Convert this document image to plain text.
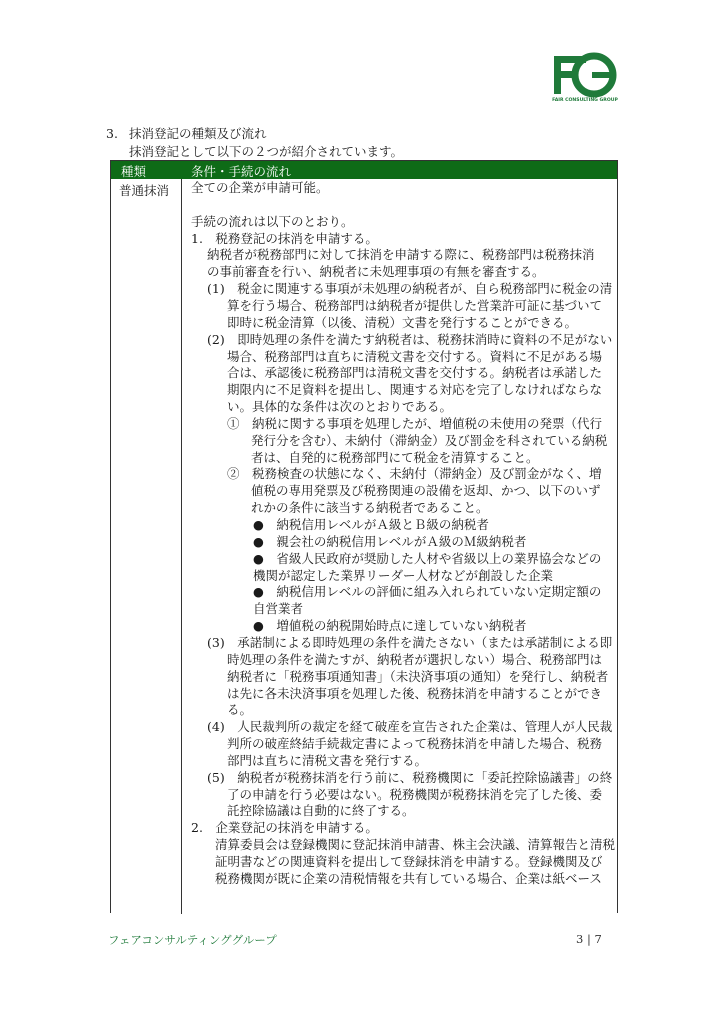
FAIR CONSULTING GROUP
3. 抹消登記の種類及び流れ
抹消登記として以下の２つが紹介されています。
種類	条件・手続の流れ
普通抹消 全ての企業が申請可能。
手続の流れは以下のとおり。
1.　税務登記の抹消を申請する。
納税者が税務部門に対して抹消を申請する際に、税務部門は税務抹消
の事前審査を行い、納税者に未処理事項の有無を審査する。
(1)　税金に関連する事項が未処理の納税者が、自ら税務部門に税金の清
算を行う場合、税務部門は納税者が提供した営業許可証に基づいて
即時に税金清算（以後、清税）文書を発行することができる。
(2)　即時処理の条件を満たす納税者は、税務抹消時に資料の不足がない
場合、税務部門は直ちに清税文書を交付する。資料に不足がある場
合は、承認後に税務部門は清税文書を交付する。納税者は承諾した
期限内に不足資料を提出し、関連する対応を完了しなければならな
い。具体的な条件は次のとおりである。
①　納税に関する事項を処理したが、増値税の未使用の発票（代行
発行分を含む）、未納付（滞納金）及び罰金を科されている納税
者は、自発的に税務部門にて税金を清算すること。
②　税務検査の状態になく、未納付（滞納金）及び罰金がなく、増
値税の専用発票及び税務関連の設備を返却、かつ、以下のいず
れかの条件に該当する納税者であること。
●　納税信用レベルがＡ級とＢ級の納税者
●　親会社の納税信用レベルがＡ級のＭ級納税者
●　省級人民政府が奨励した人材や省級以上の業界協会などの
機関が認定した業界リーダー人材などが創設した企業
●　納税信用レベルの評価に組み入れられていない定期定額の
自営業者
●　増値税の納税開始時点に達していない納税者
(3)　承諾制による即時処理の条件を満たさない（または承諾制による即
時処理の条件を満たすが、納税者が選択しない）場合、税務部門は
納税者に「税務事項通知書」（未決済事項の通知）を発行し、納税者
は先に各未決済事項を処理した後、税務抹消を申請することができ
る。
(4)　人民裁判所の裁定を経て破産を宣告された企業は、管理人が人民裁
判所の破産終結手続裁定書によって税務抹消を申請した場合、税務
部門は直ちに清税文書を発行する。
(5)　納税者が税務抹消を行う前に、税務機関に「委託控除協議書」の終
了の申請を行う必要はない。税務機関が税務抹消を完了した後、委
託控除協議は自動的に終了する。
2.　企業登記の抹消を申請する。
清算委員会は登録機関に登記抹消申請書、株主会決議、清算報告と清税
証明書などの関連資料を提出して登録抹消を申請する。登録機関及び
税務機関が既に企業の清税情報を共有している場合、企業は紙ベース
フェアコンサルティンググループ	3 | 7
